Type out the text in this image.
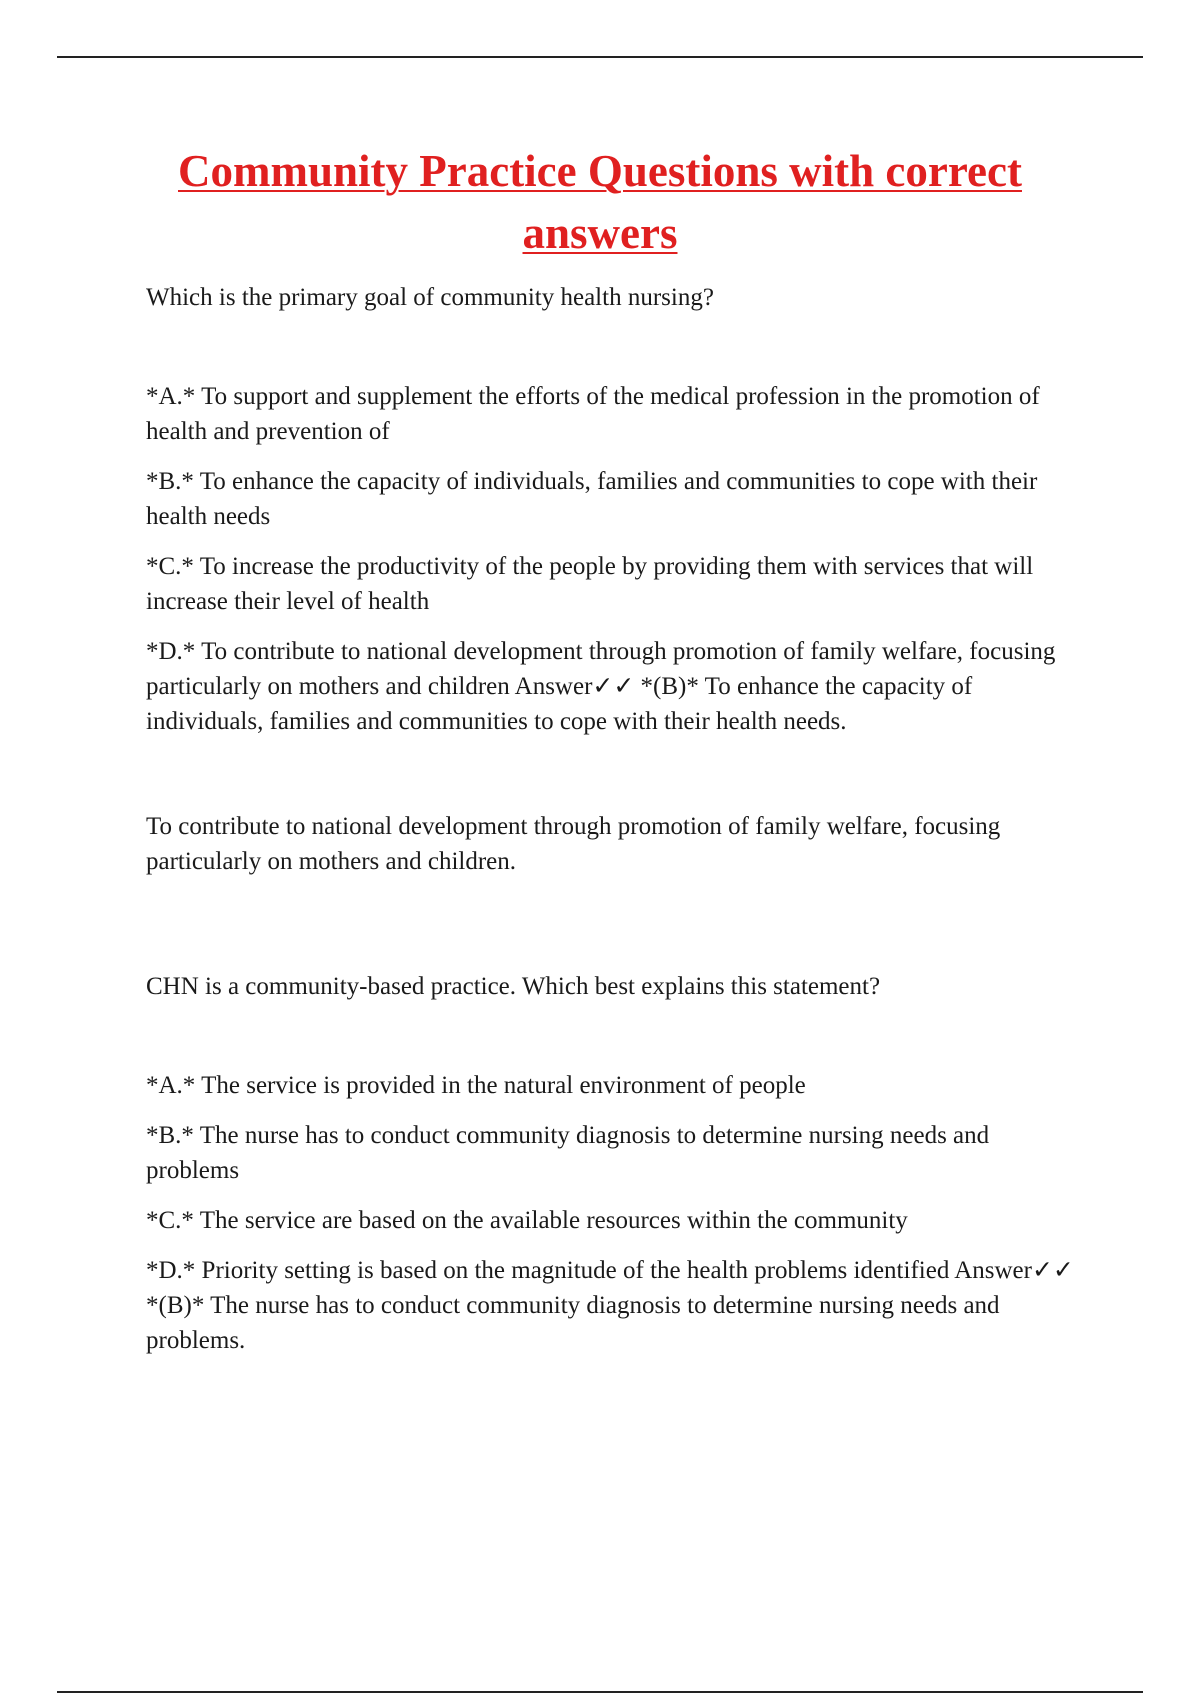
Community Practice Questions with correct answers

Which is the primary goal of community health nursing?

*A.* To support and supplement the efforts of the medical profession in the promotion of health and prevention of

*B.* To enhance the capacity of individuals, families and communities to cope with their health needs

*C.* To increase the productivity of the people by providing them with services that will increase their level of health

*D.* To contribute to national development through promotion of family welfare, focusing particularly on mothers and children Answer✓✓ *(B)* To enhance the capacity of individuals, families and communities to cope with their health needs.

To contribute to national development through promotion of family welfare, focusing particularly on mothers and children.

CHN is a community-based practice. Which best explains this statement?

*A.* The service is provided in the natural environment of people

*B.* The nurse has to conduct community diagnosis to determine nursing needs and problems

*C.* The service are based on the available resources within the community

*D.* Priority setting is based on the magnitude of the health problems identified Answer✓✓ *(B)* The nurse has to conduct community diagnosis to determine nursing needs and problems.
